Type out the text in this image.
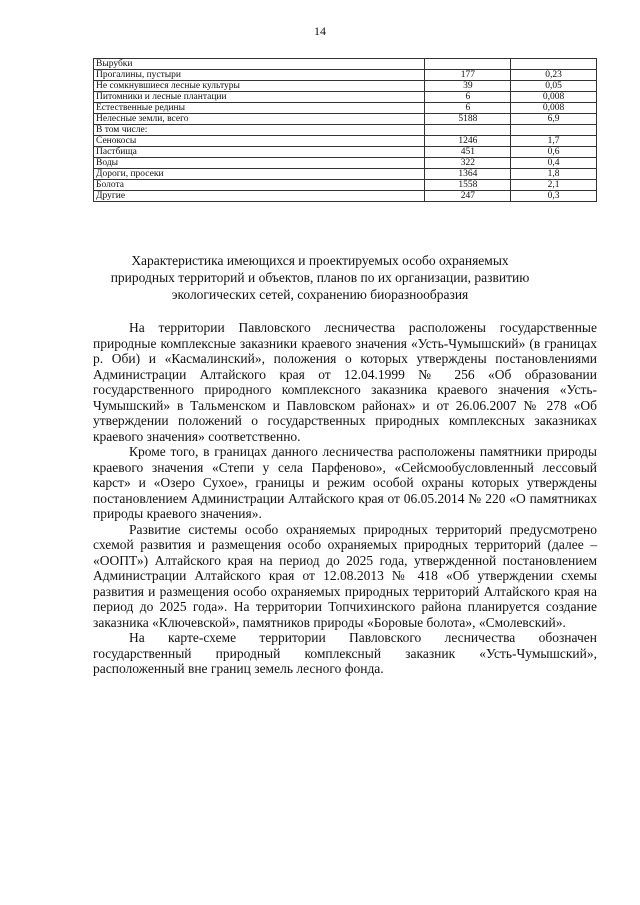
14
Вырубки		
Прогалины, пустыри	177	0,23
Не сомкнувшиеся лесные культуры	39	0,05
Питомники и лесные плантации	6	0,008
Естественные редины	6	0,008
Нелесные земли, всего	5188	6,9
В том числе:		
Сенокосы	1246	1,7
Пастбища	451	0,6
Воды	322	0,4
Дороги, просеки	1364	1,8
Болота	1558	2,1
Другие	247	0,3
Характеристика имеющихся и проектируемых особо охраняемых природных территорий и объектов, планов по их организации, развитию экологических сетей, сохранению биоразнообразия

На территории Павловского лесничества расположены государственные природные комплексные заказники краевого значения «Усть-Чумышский» (в границах р. Оби) и «Касмалинский», положения о которых утверждены постановлениями Администрации Алтайского края от 12.04.1999 № 256 «Об образовании государственного природного комплексного заказника краевого значения «Усть-Чумышский» в Тальменском и Павловском районах» и от 26.06.2007 № 278 «Об утверждении положений о государственных природных комплексных заказниках краевого значения» соответственно.

Кроме того, в границах данного лесничества расположены памятники природы краевого значения «Степи у села Парфеново», «Сейсмообусловленный лессовый карст» и «Озеро Сухое», границы и режим особой охраны которых утверждены постановлением Администрации Алтайского края от 06.05.2014 № 220 «О памятниках природы краевого значения».

Развитие системы особо охраняемых природных территорий предусмотрено схемой развития и размещения особо охраняемых природных территорий (далее – «ООПТ») Алтайского края на период до 2025 года, утвержденной постановлением Администрации Алтайского края от 12.08.2013 № 418 «Об утверждении схемы развития и размещения особо охраняемых природных территорий Алтайского края на период до 2025 года». На территории Топчихинского района планируется создание заказника «Ключевской», памятников природы «Боровые болота», «Смолевский».

На карте-схеме территории Павловского лесничества обозначен государственный природный комплексный заказник «Усть-Чумышский», расположенный вне границ земель лесного фонда.
